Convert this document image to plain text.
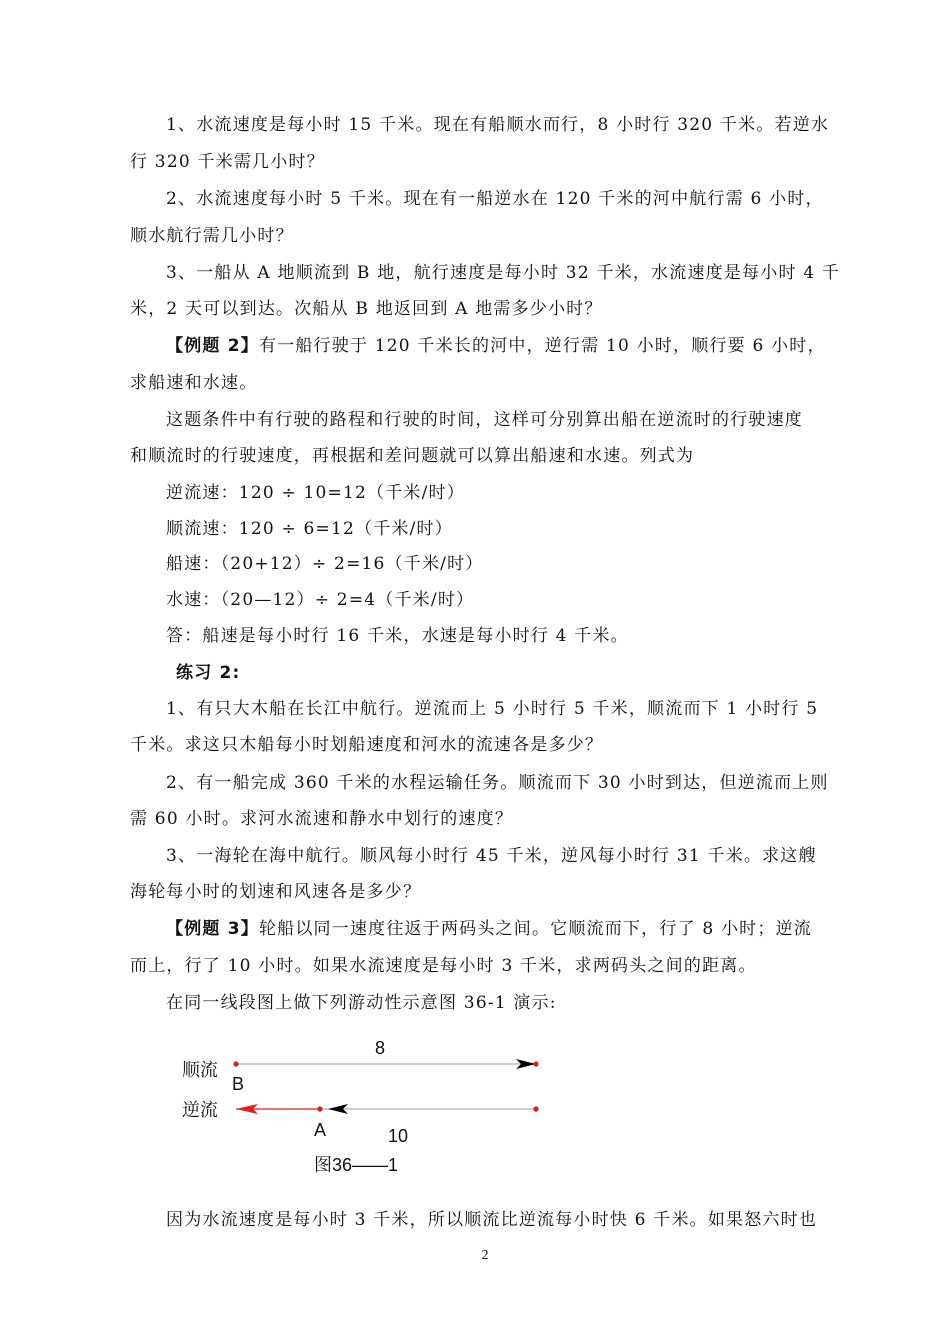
1、水流速度是每小时 15 千米。现在有船顺水而行，8 小时行 320 千米。若逆水
行 320 千米需几小时？
2、水流速度每小时 5 千米。现在有一船逆水在 120 千米的河中航行需 6 小时，
顺水航行需几小时？
3、一船从 A 地顺流到 B 地，航行速度是每小时 32 千米，水流速度是每小时 4 千
米，2 天可以到达。次船从 B 地返回到 A 地需多少小时？
【例题 2】有一船行驶于 120 千米长的河中，逆行需 10 小时，顺行要 6 小时，
求船速和水速。
这题条件中有行驶的路程和行驶的时间，这样可分别算出船在逆流时的行驶速度
和顺流时的行驶速度，再根据和差问题就可以算出船速和水速。列式为
逆流速：120 ÷ 10=12（千米/时）
顺流速：120 ÷ 6=12（千米/时）
船速：（20+12）÷ 2=16（千米/时）
水速：（20—12）÷ 2=4（千米/时）
答：船速是每小时行 16 千米，水速是每小时行 4 千米。
练习 2:
1、有只大木船在长江中航行。逆流而上 5 小时行 5 千米，顺流而下 1 小时行 5
千米。求这只木船每小时划船速度和河水的流速各是多少？
2、有一船完成 360 千米的水程运输任务。顺流而下 30 小时到达，但逆流而上则
需 60 小时。求河水流速和静水中划行的速度？
3、一海轮在海中航行。顺风每小时行 45 千米，逆风每小时行 31 千米。求这艘
海轮每小时的划速和风速各是多少？
【例题 3】轮船以同一速度往返于两码头之间。它顺流而下，行了 8 小时；逆流
而上，行了 10 小时。如果水流速度是每小时 3 千米，求两码头之间的距离。
在同一线段图上做下列游动性示意图 36-1 演示:
顺流
8
B
逆流
A	10
图36——1
因为水流速度是每小时 3 千米，所以顺流比逆流每小时快 6 千米。如果怒六时也
2
